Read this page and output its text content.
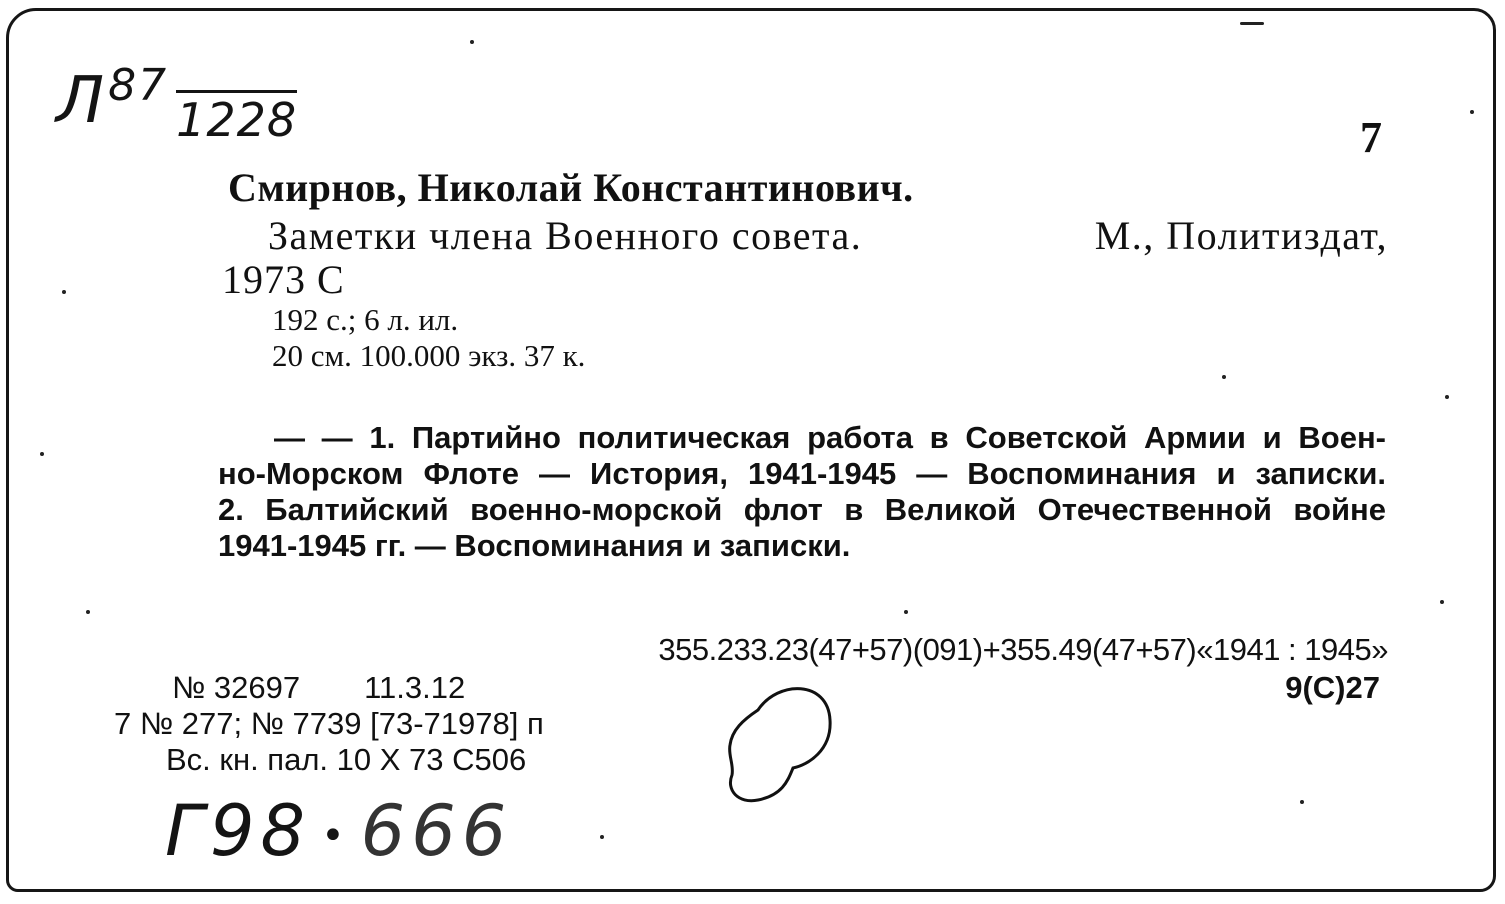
$Л^{87}_{1228}$	7
Смирнов, Николай Константинович.
Заметки члена Военного совета.	М., Политиздат,
1973 С
192 с.; 6 л. ил.
20 см. 100.000 экз. 37 к.
— — 1. Партийно политическая работа в Советской Армии и Воен-
но-Морском Флоте — История, 1941-1945 — Воспоминания и записки.
2. Балтийский военно-морской флот в Великой Отечественной войне
1941-1945 гг. — Воспоминания и записки.
355.233.23(47+57)(091)+355.49(47+57)«1941 : 1945»
9(С)27
№ 32697 11.3.12
7 № 277; № 7739 [73-71978] п
Вс. кн. пал. 10 Х 73 С506
Г98 • 666
